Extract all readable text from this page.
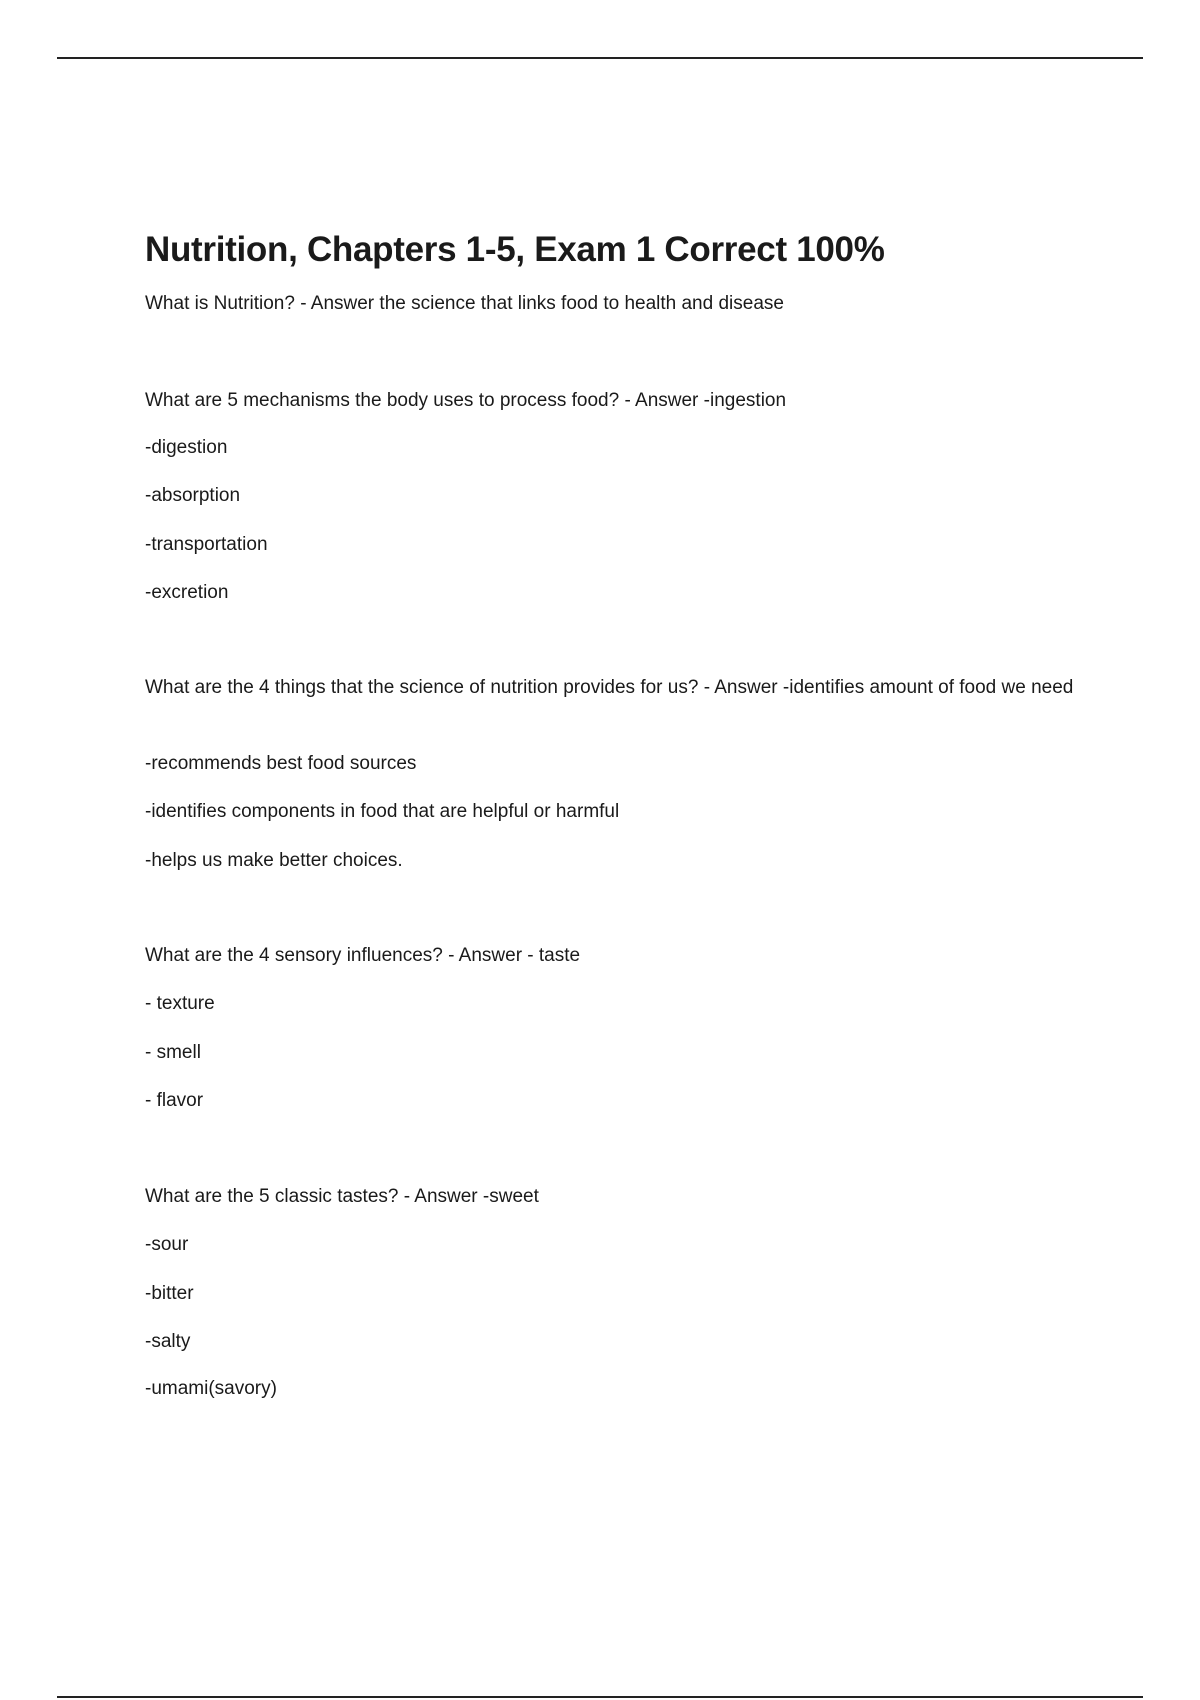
Nutrition, Chapters 1-5, Exam 1 Correct 100%

What is Nutrition? - Answer the science that links food to health and disease

What are 5 mechanisms the body uses to process food? - Answer -ingestion

-digestion

-absorption

-transportation

-excretion

What are the 4 things that the science of nutrition provides for us? - Answer -identifies amount of food we need

-recommends best food sources

-identifies components in food that are helpful or harmful

-helps us make better choices.

What are the 4 sensory influences? - Answer - taste

- texture

- smell

- flavor

What are the 5 classic tastes? - Answer -sweet

-sour

-bitter

-salty

-umami(savory)
